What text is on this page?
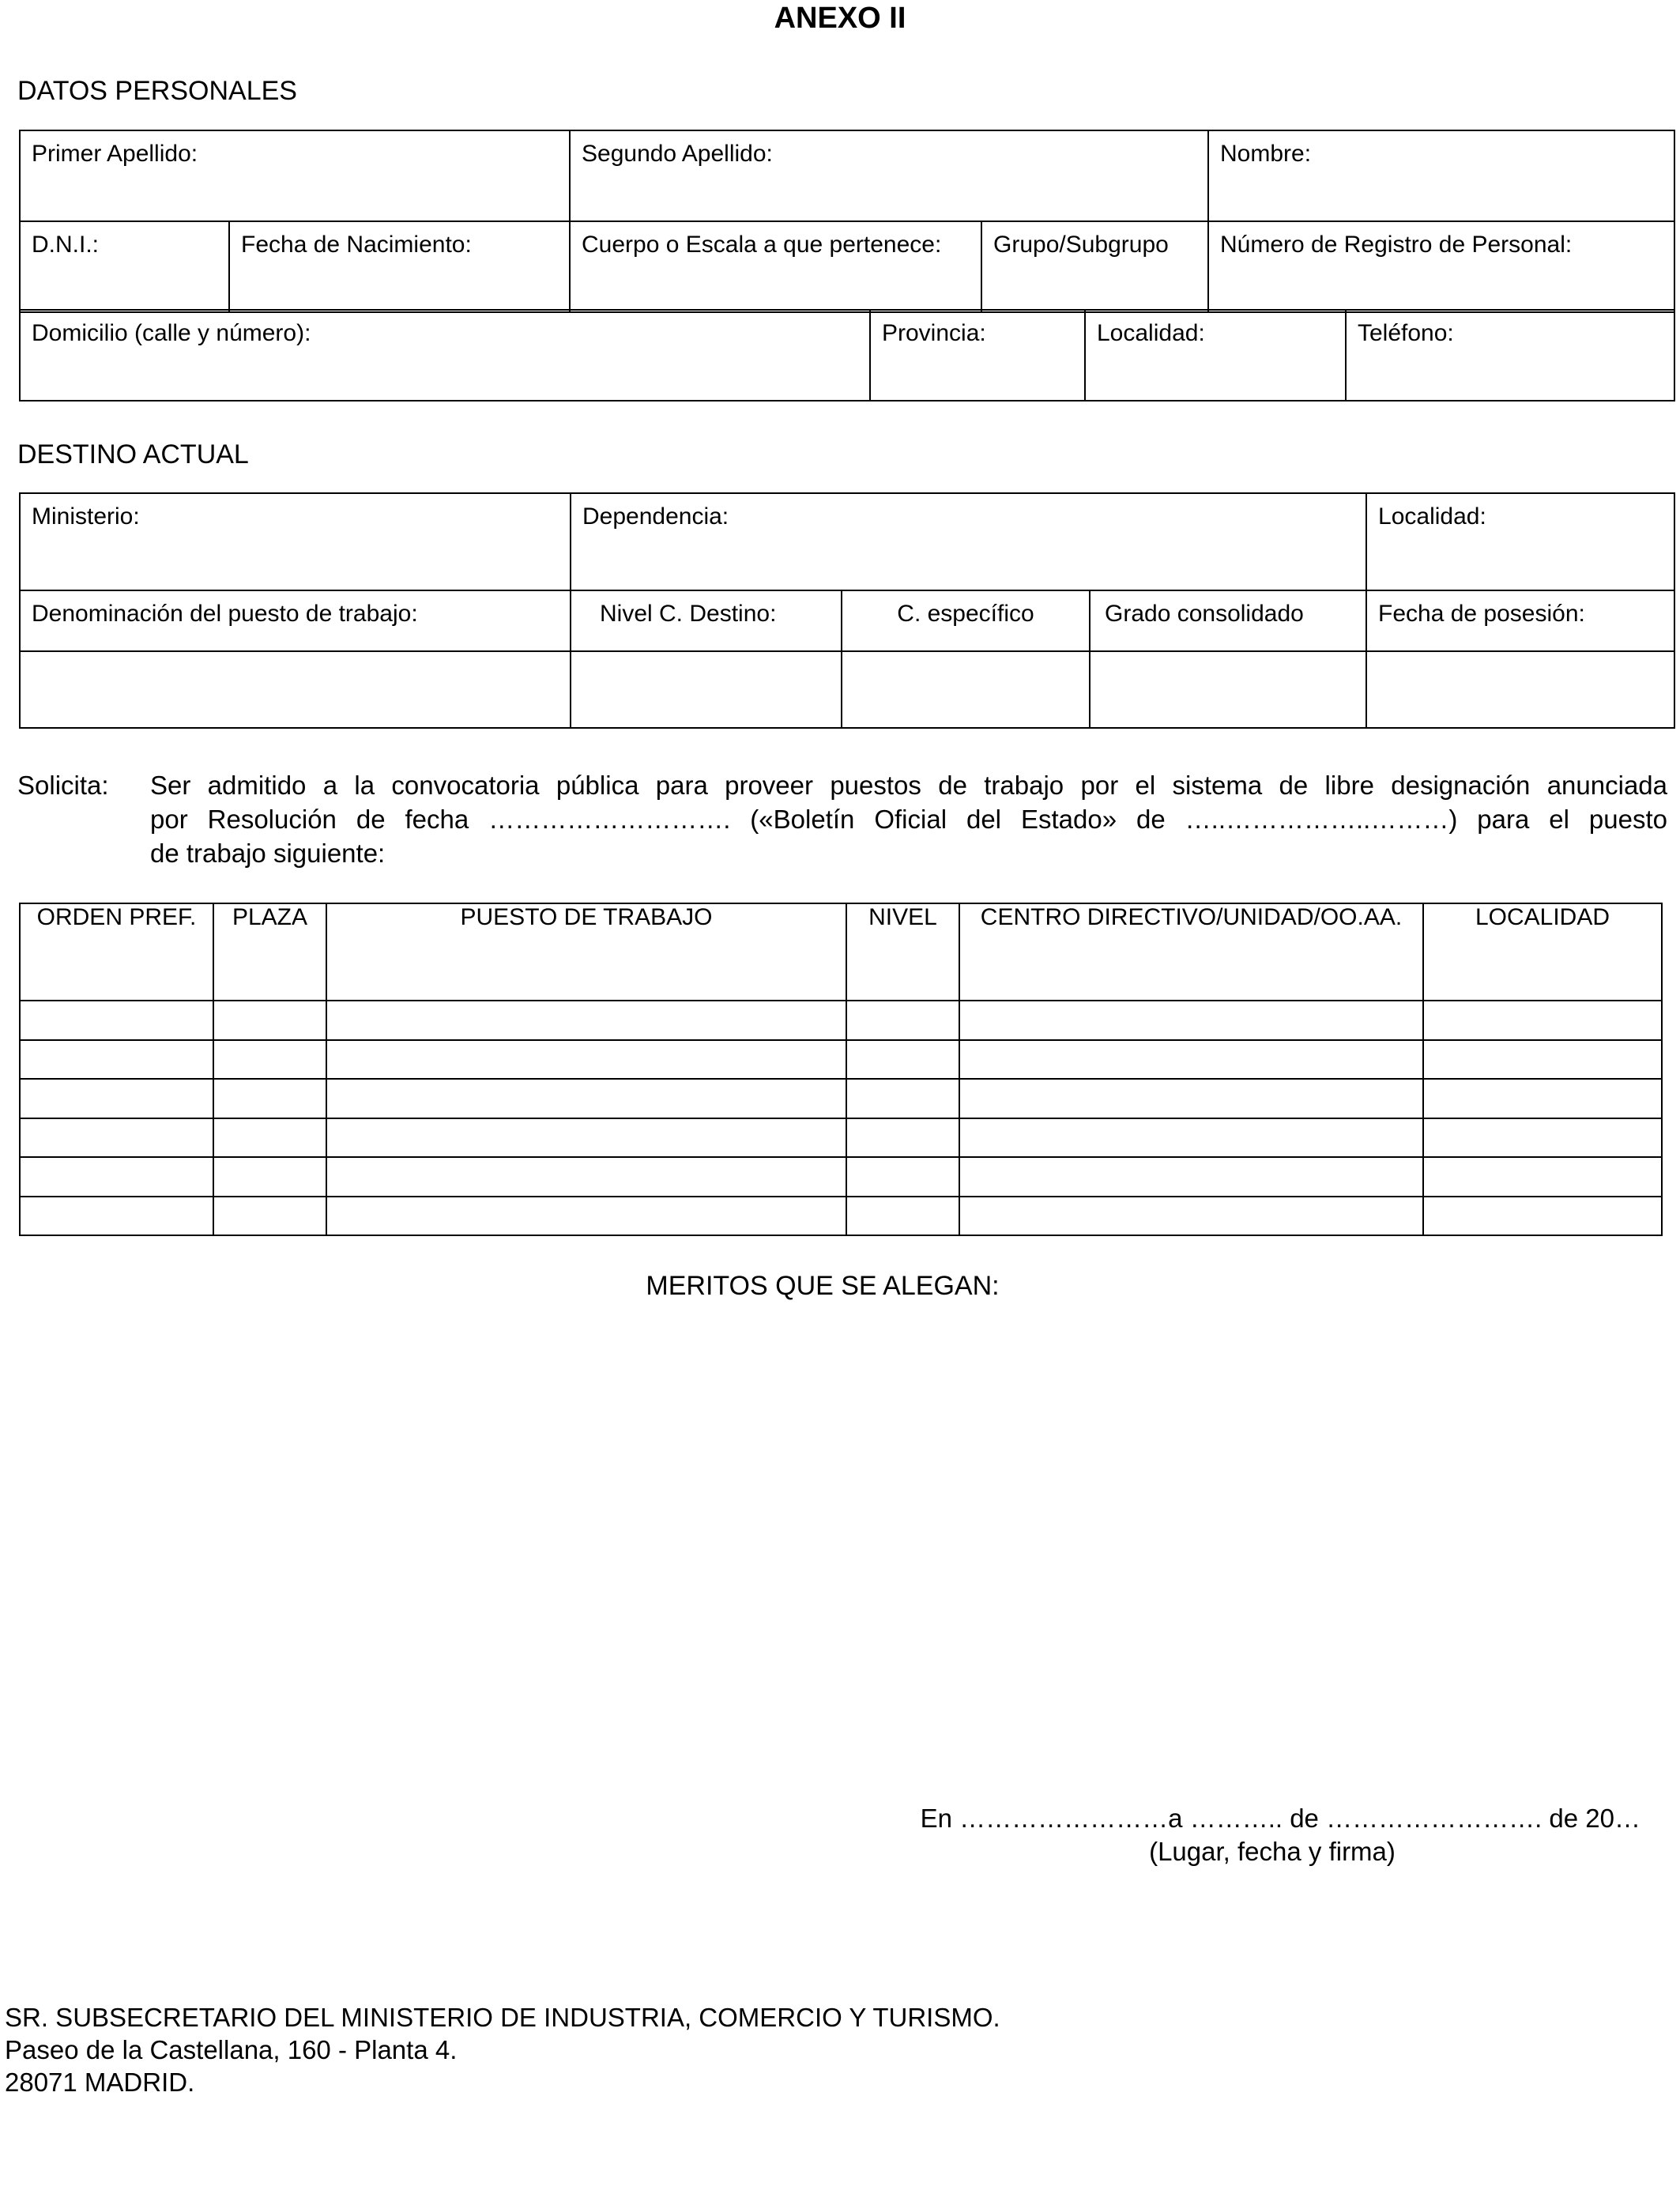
ANEXO II
DATOS PERSONALES
Primer Apellido:		Segundo Apellido:		Nombre:

D.N.I.:	Fecha de Nacimiento:	Cuerpo o Escala a que pertenece:	Grupo/Subgrupo	Número de Registro de Personal:
Domicilio (calle y número):	Provincia:	Localidad:	Teléfono:
DESTINO ACTUAL
Ministerio:	Dependencia:			Localidad:

Denominación del puesto de trabajo:	Nivel C. Destino:	C. específico	Grado consolidado	Fecha de posesión:

Solicita: Ser admitido a la convocatoria pública para proveer puestos de trabajo por el sistema de libre designación anunciada
por Resolución de fecha ………………………. («Boletín Oficial del Estado» de …..……………..………) para el puesto
de trabajo siguiente:
ORDEN PREF.	PLAZA	PUESTO DE TRABAJO	NIVEL	CENTRO DIRECTIVO/UNIDAD/OO.AA.	LOCALIDAD

MERITOS QUE SE ALEGAN:
En ……………………a ……….. de ……………………. de 20…
(Lugar, fecha y firma)
SR. SUBSECRETARIO DEL MINISTERIO DE INDUSTRIA, COMERCIO Y TURISMO.
Paseo de la Castellana, 160 - Planta 4.
28071 MADRID.
